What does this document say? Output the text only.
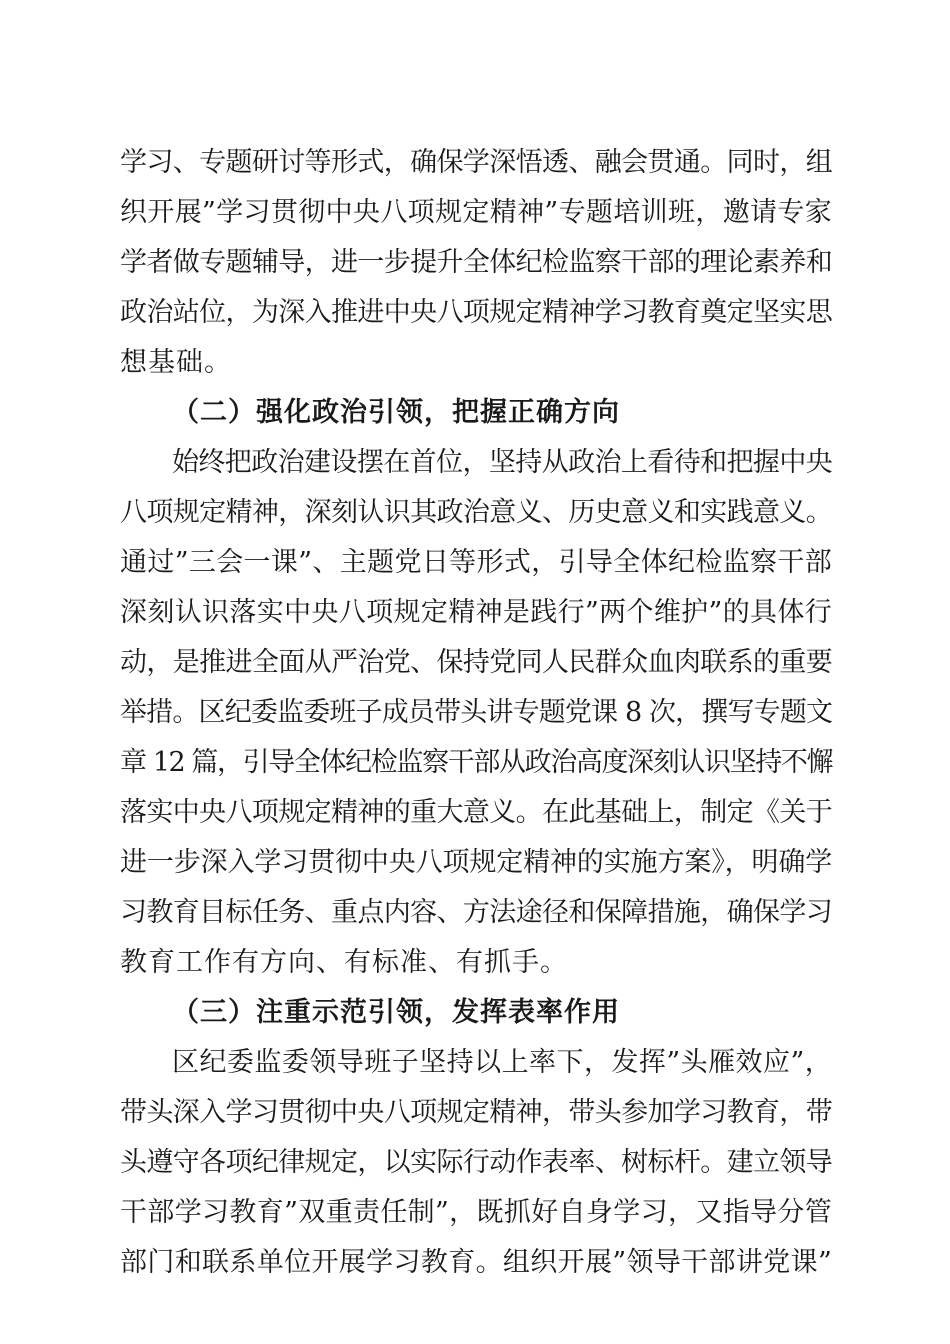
学习、专题研讨等形式，确保学深悟透、融会贯通。同时，组
织开展”学习贯彻中央八项规定精神”专题培训班，邀请专家
学者做专题辅导，进一步提升全体纪检监察干部的理论素养和
政治站位，为深入推进中央八项规定精神学习教育奠定坚实思
想基础。
（二）强化政治引领，把握正确方向
始终把政治建设摆在首位，坚持从政治上看待和把握中央
八项规定精神，深刻认识其政治意义、历史意义和实践意义。
通过”三会一课”、主题党日等形式，引导全体纪检监察干部
深刻认识落实中央八项规定精神是践行”两个维护”的具体行
动，是推进全面从严治党、保持党同人民群众血肉联系的重要
举措。区纪委监委班子成员带头讲专题党课 8 次，撰写专题文
章 12 篇，引导全体纪检监察干部从政治高度深刻认识坚持不懈
落实中央八项规定精神的重大意义。在此基础上，制定《关于
进一步深入学习贯彻中央八项规定精神的实施方案》，明确学
习教育目标任务、重点内容、方法途径和保障措施，确保学习
教育工作有方向、有标准、有抓手。
（三）注重示范引领，发挥表率作用
区纪委监委领导班子坚持以上率下，发挥”头雁效应”，
带头深入学习贯彻中央八项规定精神，带头参加学习教育，带
头遵守各项纪律规定，以实际行动作表率、树标杆。建立领导
干部学习教育”双重责任制”，既抓好自身学习，又指导分管
部门和联系单位开展学习教育。组织开展”领导干部讲党课”
